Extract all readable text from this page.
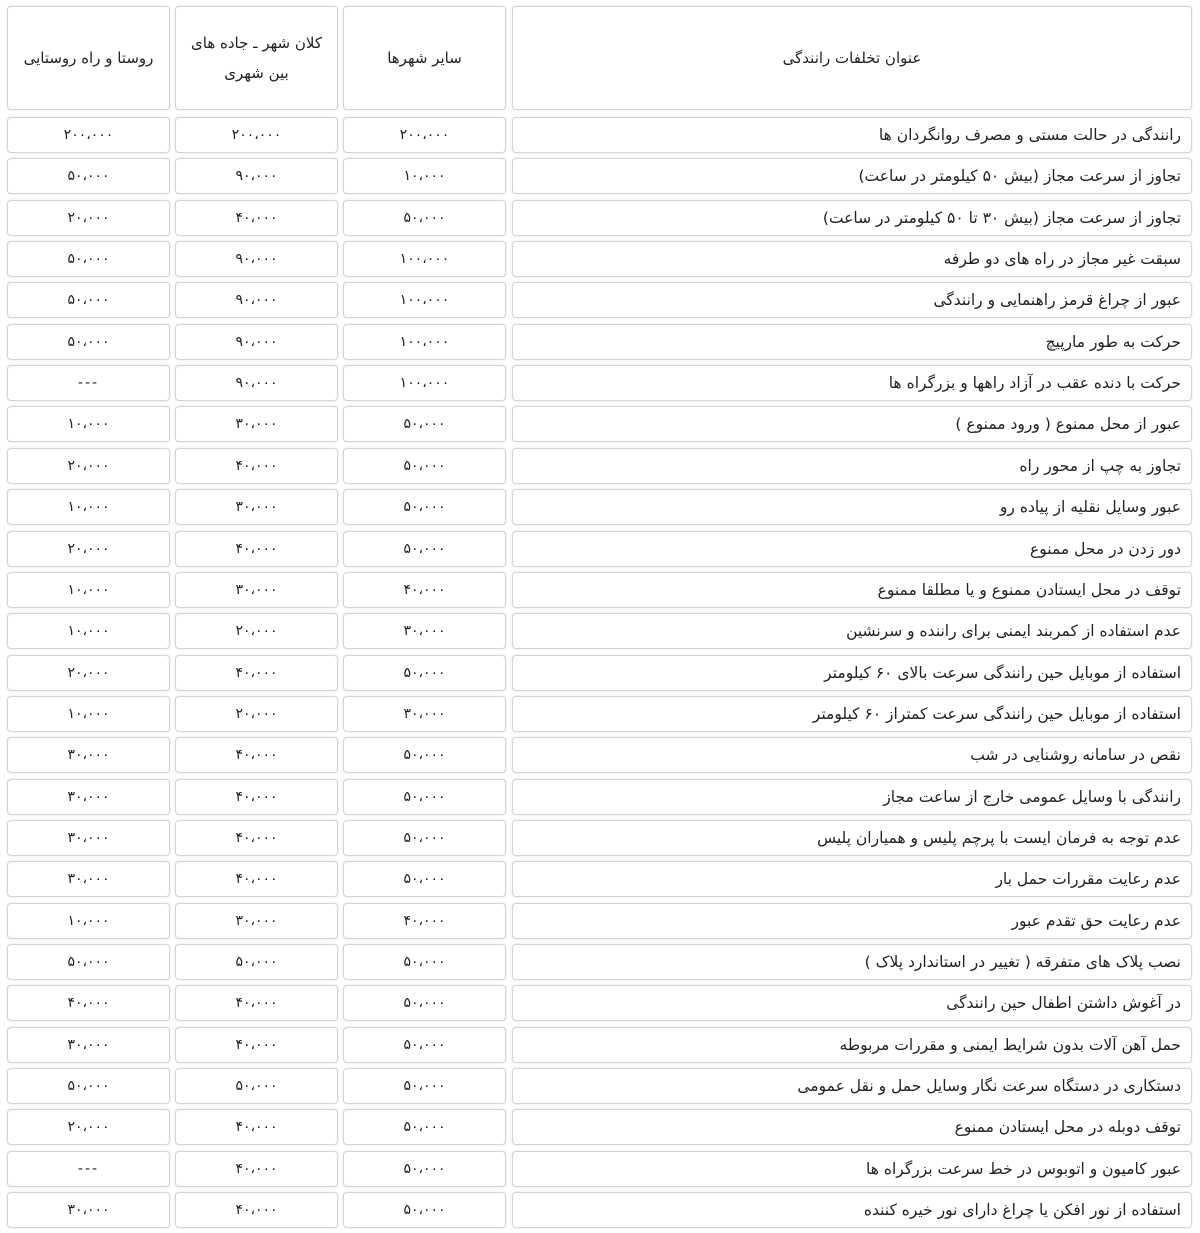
عنوان تخلفات رانندگی
سایر شهرها
کلان شهر ـ جاده های بین شهری
روستا و راه روستایی
رانندگی در حالت مستی و مصرف روانگردان ها
۲۰۰،۰۰۰
۲۰۰،۰۰۰
۲۰۰،۰۰۰
تجاوز از سرعت مجاز (بیش ۵۰ کیلومتر در ساعت)
۱۰،۰۰۰
۹۰،۰۰۰
۵۰،۰۰۰
تجاوز از سرعت مجاز (بیش ۳۰ تا ۵۰ کیلومتر در ساعت)
۵۰،۰۰۰
۴۰،۰۰۰
۲۰،۰۰۰
سبقت غیر مجاز در راه های دو طرفه
۱۰۰،۰۰۰
۹۰،۰۰۰
۵۰،۰۰۰
عبور از چراغ قرمز راهنمایی و رانندگی
۱۰۰،۰۰۰
۹۰،۰۰۰
۵۰،۰۰۰
حرکت به طور مارپیچ
۱۰۰،۰۰۰
۹۰،۰۰۰
۵۰،۰۰۰
حرکت با دنده عقب در آزاد راهها و بزرگراه ها
۱۰۰،۰۰۰
۹۰،۰۰۰
---
عبور از محل ممنوع ( ورود ممنوع )
۵۰،۰۰۰
۳۰،۰۰۰
۱۰،۰۰۰
تجاوز به چپ از محور راه
۵۰،۰۰۰
۴۰،۰۰۰
۲۰،۰۰۰
عبور وسایل نقلیه از پیاده رو
۵۰،۰۰۰
۳۰،۰۰۰
۱۰،۰۰۰
دور زدن در محل ممنوع
۵۰،۰۰۰
۴۰،۰۰۰
۲۰،۰۰۰
توقف در محل ایستادن ممنوع و یا مطلقا ممنوع
۴۰،۰۰۰
۳۰،۰۰۰
۱۰،۰۰۰
عدم استفاده از کمربند ایمنی برای راننده و سرنشین
۳۰،۰۰۰
۲۰،۰۰۰
۱۰،۰۰۰
استفاده از موبایل حین رانندگی سرعت بالای ۶۰ کیلومتر
۵۰،۰۰۰
۴۰،۰۰۰
۲۰،۰۰۰
استفاده از موبایل حین رانندگی سرعت کمتراز ۶۰ کیلومتر
۳۰،۰۰۰
۲۰،۰۰۰
۱۰،۰۰۰
نقص در سامانه روشنایی در شب
۵۰،۰۰۰
۴۰،۰۰۰
۳۰،۰۰۰
رانندگی با وسایل عمومی خارج از ساعت مجاز
۵۰،۰۰۰
۴۰،۰۰۰
۳۰،۰۰۰
عدم توجه به فرمان ایست با پرچم پلیس و همیاران پلیس
۵۰،۰۰۰
۴۰،۰۰۰
۳۰،۰۰۰
عدم رعایت مقررات حمل بار
۵۰،۰۰۰
۴۰،۰۰۰
۳۰،۰۰۰
عدم رعایت حق تقدم عبور
۴۰،۰۰۰
۳۰،۰۰۰
۱۰،۰۰۰
نصب پلاک های متفرقه ( تغییر در استاندارد پلاک )
۵۰،۰۰۰
۵۰،۰۰۰
۵۰،۰۰۰
در آغوش داشتن اطفال حین رانندگی
۵۰،۰۰۰
۴۰،۰۰۰
۴۰،۰۰۰
حمل آهن آلات بدون شرایط ایمنی و مقررات مربوطه
۵۰،۰۰۰
۴۰،۰۰۰
۳۰،۰۰۰
دستکاری در دستگاه سرعت نگار وسایل حمل و نقل عمومی
۵۰،۰۰۰
۵۰،۰۰۰
۵۰،۰۰۰
توقف دوبله در محل ایستادن ممنوع
۵۰،۰۰۰
۴۰،۰۰۰
۲۰،۰۰۰
عبور کامیون و اتوبوس در خط سرعت بزرگراه ها
۵۰،۰۰۰
۴۰،۰۰۰
---
استفاده از نور افکن یا چراغ دارای نور خیره کننده
۵۰،۰۰۰
۴۰،۰۰۰
۳۰،۰۰۰
